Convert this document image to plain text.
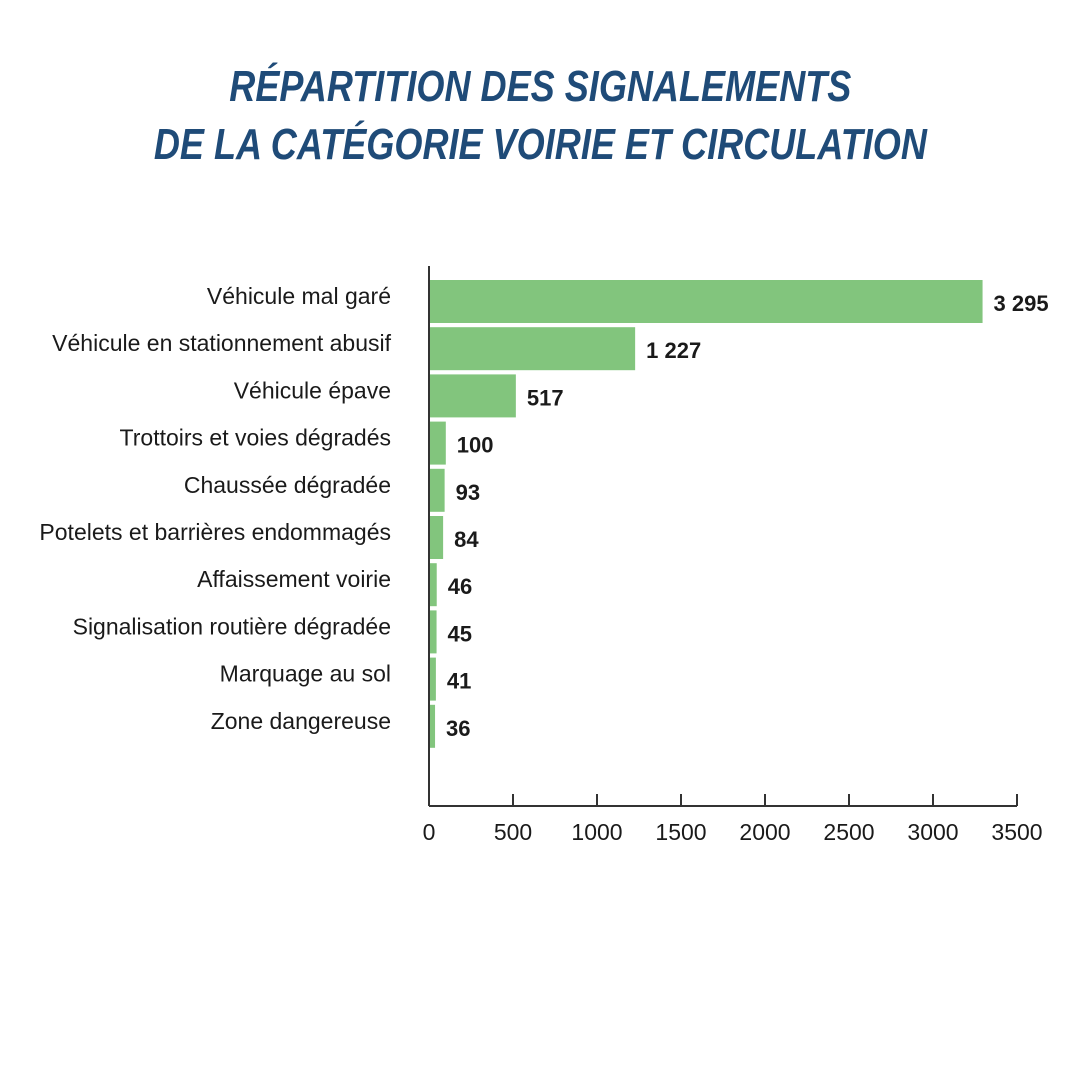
RÉPARTITION DES SIGNALEMENTS
DE LA CATÉGORIE VOIRIE ET CIRCULATION
Véhicule mal garé	3 295
Véhicule en stationnement abusif	1 227
Véhicule épave	517
Trottoirs et voies dégradés	100
Chaussée dégradée	93
Potelets et barrières endommagés	84
Affaissement voirie	46
Signalisation routière dégradée	45
Marquage au sol	41
Zone dangereuse	36
0	500 1000 1500 2000 2500 3000 3500
